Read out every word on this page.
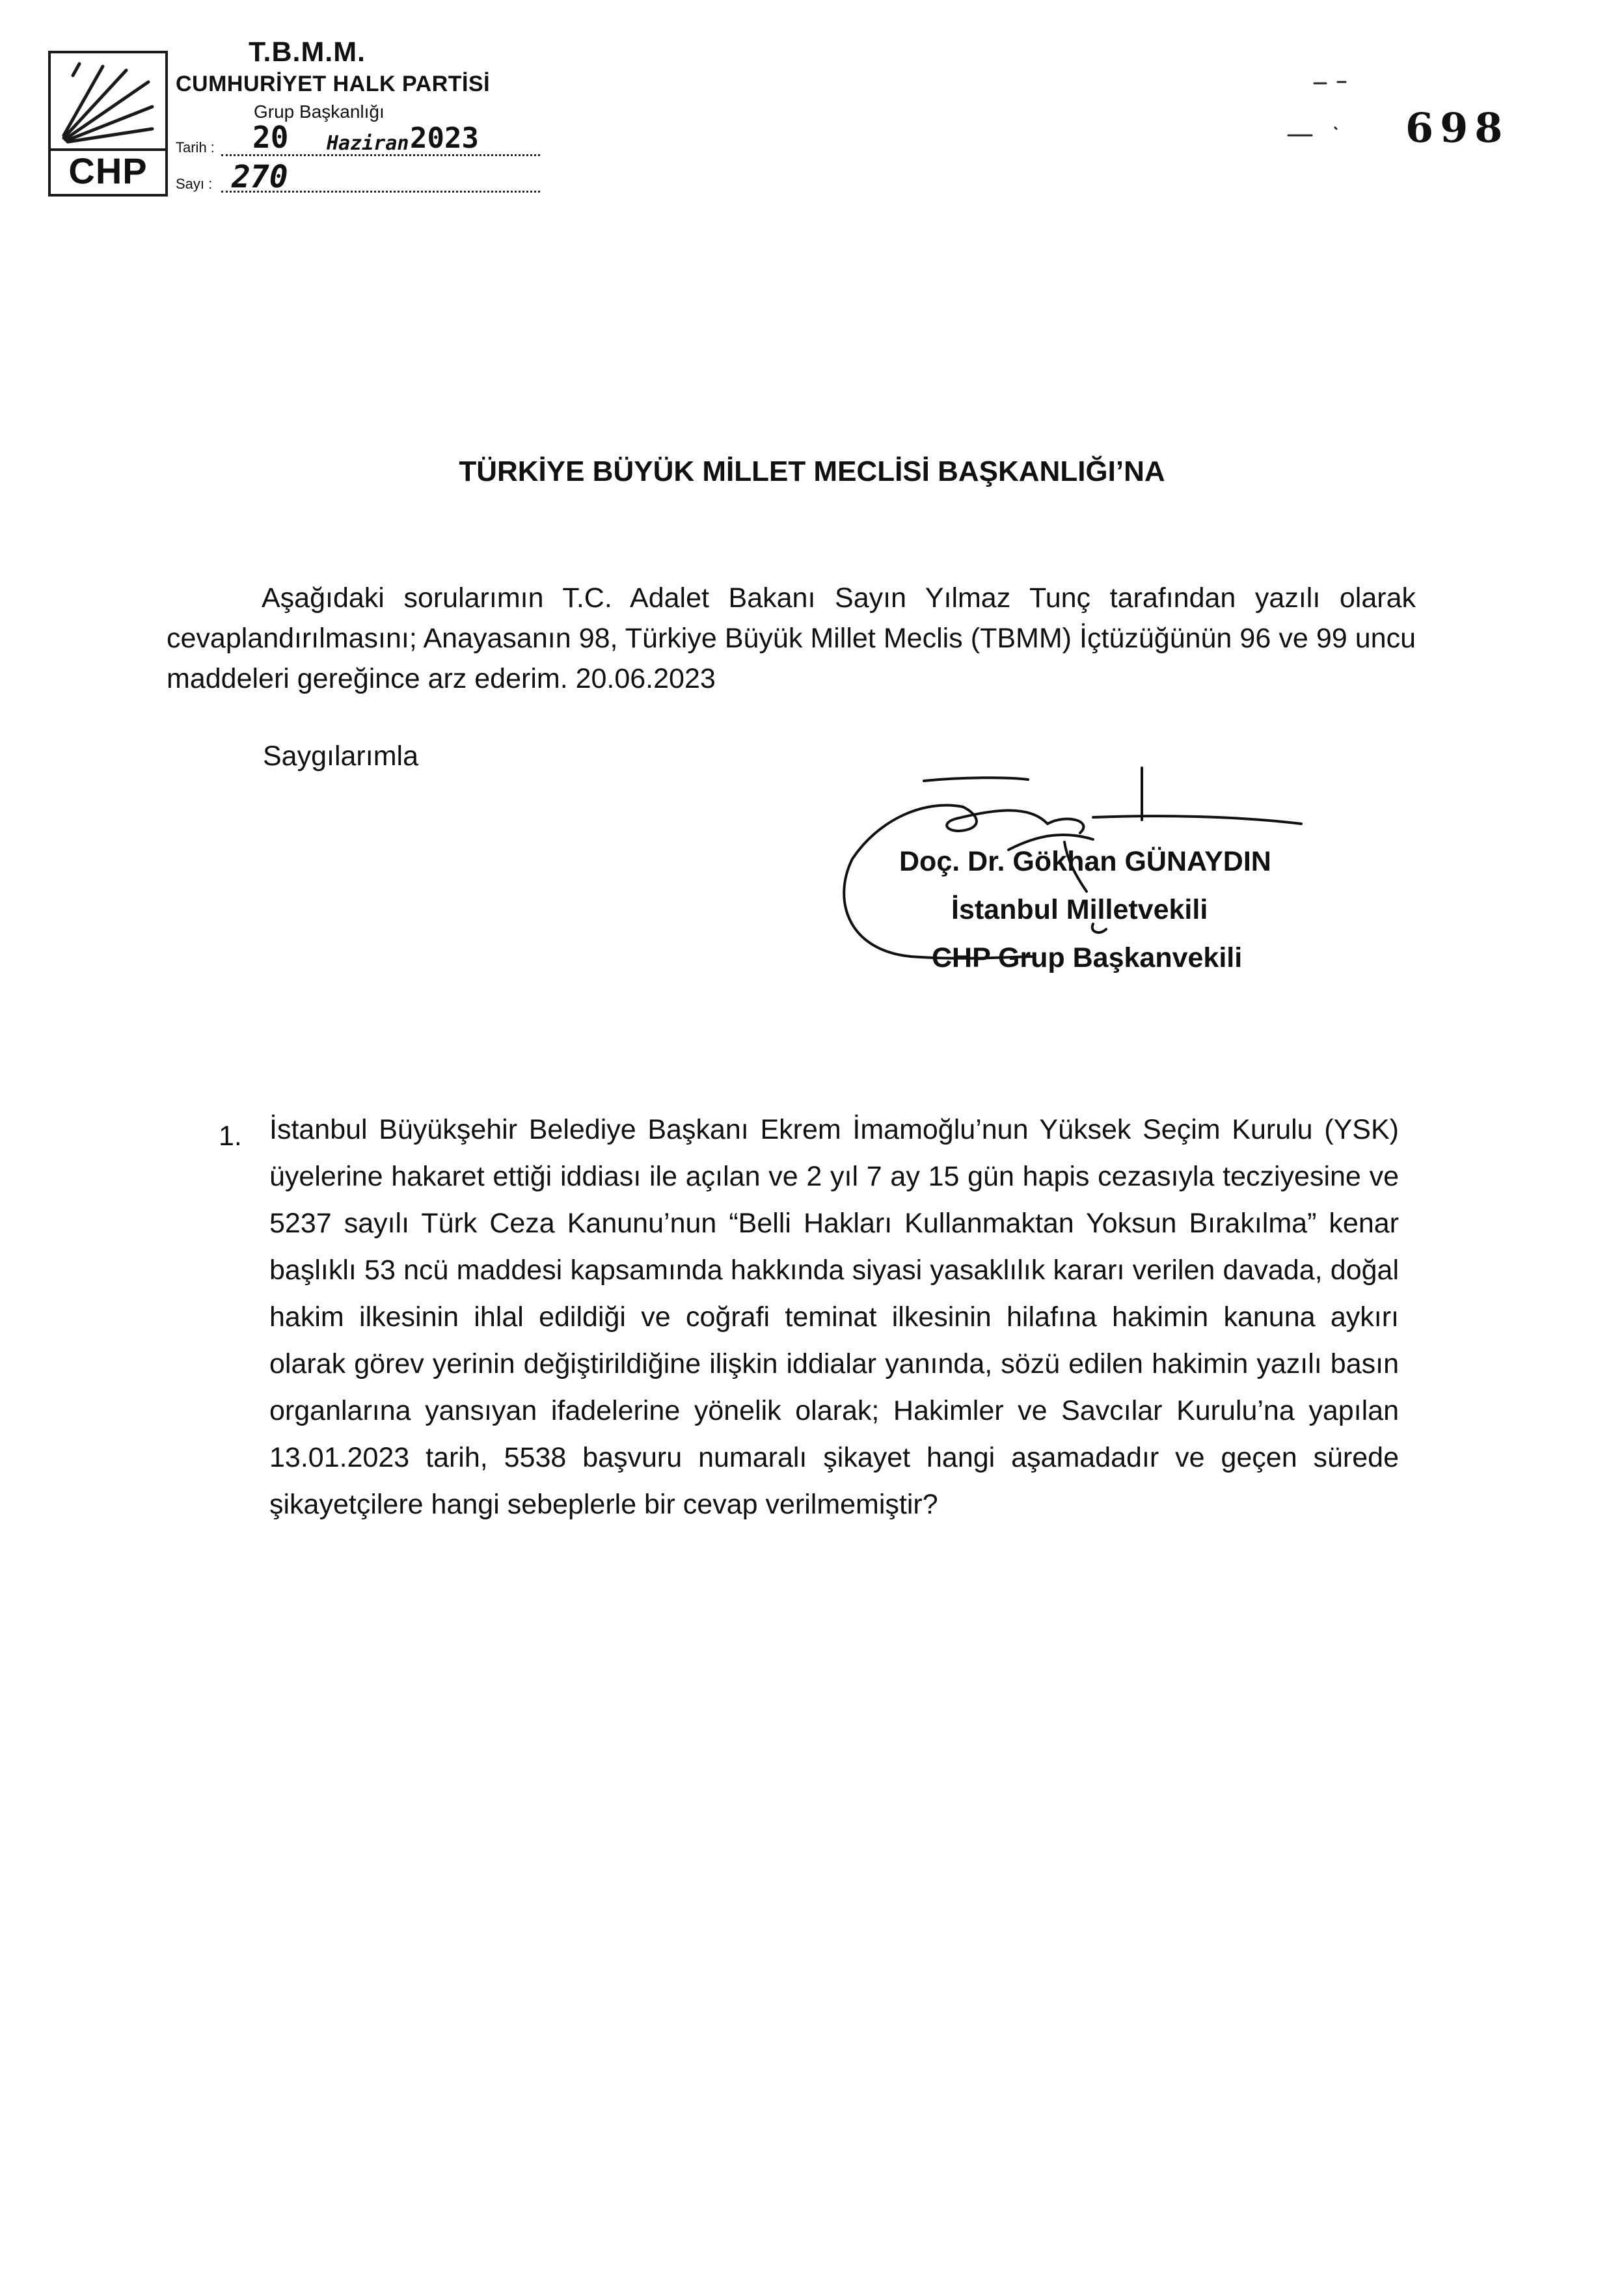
CHP
T.B.M.M.
CUMHURİYET HALK PARTİSİ
Grup Başkanlığı
Tarih : 20 Haziran 2023
Sayı : 270
698
TÜRKİYE BÜYÜK MİLLET MECLİSİ BAŞKANLIĞI’NA
Aşağıdaki sorularımın T.C. Adalet Bakanı Sayın Yılmaz Tunç tarafından yazılı olarak cevaplandırılmasını; Anayasanın 98, Türkiye Büyük Millet Meclis (TBMM) İçtüzüğünün 96 ve 99 uncu maddeleri gereğince arz ederim. 20.06.2023
Saygılarımla
Doç. Dr. Gökhan GÜNAYDIN
İstanbul Milletvekili
CHP Grup Başkanvekili
1. İstanbul Büyükşehir Belediye Başkanı Ekrem İmamoğlu’nun Yüksek Seçim Kurulu (YSK) üyelerine hakaret ettiği iddiası ile açılan ve 2 yıl 7 ay 15 gün hapis cezasıyla tecziyesine ve 5237 sayılı Türk Ceza Kanunu’nun “Belli Hakları Kullanmaktan Yoksun Bırakılma” kenar başlıklı 53 ncü maddesi kapsamında hakkında siyasi yasaklılık kararı verilen davada, doğal hakim ilkesinin ihlal edildiği ve coğrafi teminat ilkesinin hilafına hakimin kanuna aykırı olarak görev yerinin değiştirildiğine ilişkin iddialar yanında, sözü edilen hakimin yazılı basın organlarına yansıyan ifadelerine yönelik olarak; Hakimler ve Savcılar Kurulu’na yapılan 13.01.2023 tarih, 5538 başvuru numaralı şikayet hangi aşamadadır ve geçen sürede şikayetçilere hangi sebeplerle bir cevap verilmemiştir?
